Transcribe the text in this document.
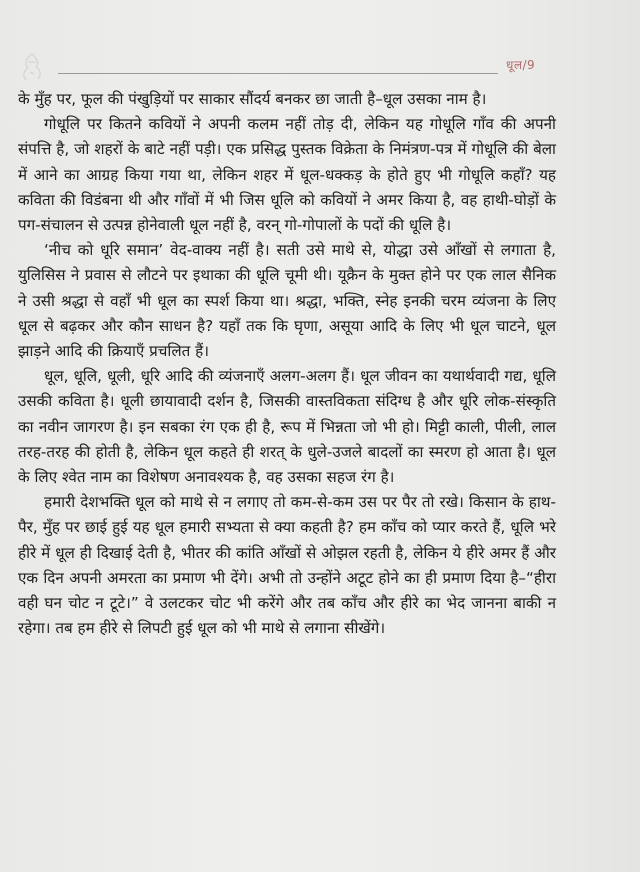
धूल/9

के मुँह पर, फूल की पंखुड़ियों पर साकार सौंदर्य बनकर छा जाती है–धूल उसका नाम है।

गोधूलि पर कितने कवियों ने अपनी कलम नहीं तोड़ दी, लेकिन यह गोधूलि गाँव की अपनी संपत्ति है, जो शहरों के बाटे नहीं पड़ी। एक प्रसिद्ध पुस्तक विक्रेता के निमंत्रण-पत्र में गोधूलि की बेला में आने का आग्रह किया गया था, लेकिन शहर में धूल-धक्कड़ के होते हुए भी गोधूलि कहाँ? यह कविता की विडंबना थी और गाँवों में भी जिस धूलि को कवियों ने अमर किया है, वह हाथी-घोड़ों के पग-संचालन से उत्पन्न होनेवाली धूल नहीं है, वरन् गो-गोपालों के पदों की धूलि है।

‘नीच को धूरि समान’ वेद-वाक्य नहीं है। सती उसे माथे से, योद्धा उसे आँखों से लगाता है, युलिसिस ने प्रवास से लौटने पर इथाका की धूलि चूमी थी। यूक्रैन के मुक्त होने पर एक लाल सैनिक ने उसी श्रद्धा से वहाँ भी धूल का स्पर्श किया था। श्रद्धा, भक्ति, स्नेह इनकी चरम व्यंजना के लिए धूल से बढ़कर और कौन साधन है? यहाँ तक कि घृणा, असूया आदि के लिए भी धूल चाटने, धूल झाड़ने आदि की क्रियाएँ प्रचलित हैं।

धूल, धूलि, धूली, धूरि आदि की व्यंजनाएँ अलग-अलग हैं। धूल जीवन का यथार्थवादी गद्य, धूलि उसकी कविता है। धूली छायावादी दर्शन है, जिसकी वास्तविकता संदिग्ध है और धूरि लोक-संस्कृति का नवीन जागरण है। इन सबका रंग एक ही है, रूप में भिन्नता जो भी हो। मिट्टी काली, पीली, लाल तरह-तरह की होती है, लेकिन धूल कहते ही शरत् के धुले-उजले बादलों का स्मरण हो आता है। धूल के लिए श्वेत नाम का विशेषण अनावश्यक है, वह उसका सहज रंग है।

हमारी देशभक्ति धूल को माथे से न लगाए तो कम-से-कम उस पर पैर तो रखे। किसान के हाथ-पैर, मुँह पर छाई हुई यह धूल हमारी सभ्यता से क्या कहती है? हम काँच को प्यार करते हैं, धूलि भरे हीरे में धूल ही दिखाई देती है, भीतर की कांति आँखों से ओझल रहती है, लेकिन ये हीरे अमर हैं और एक दिन अपनी अमरता का प्रमाण भी देंगे। अभी तो उन्होंने अटूट होने का ही प्रमाण दिया है–“हीरा वही घन चोट न टूटे।” वे उलटकर चोट भी करेंगे और तब काँच और हीरे का भेद जानना बाकी न रहेगा। तब हम हीरे से लिपटी हुई धूल को भी माथे से लगाना सीखेंगे।
